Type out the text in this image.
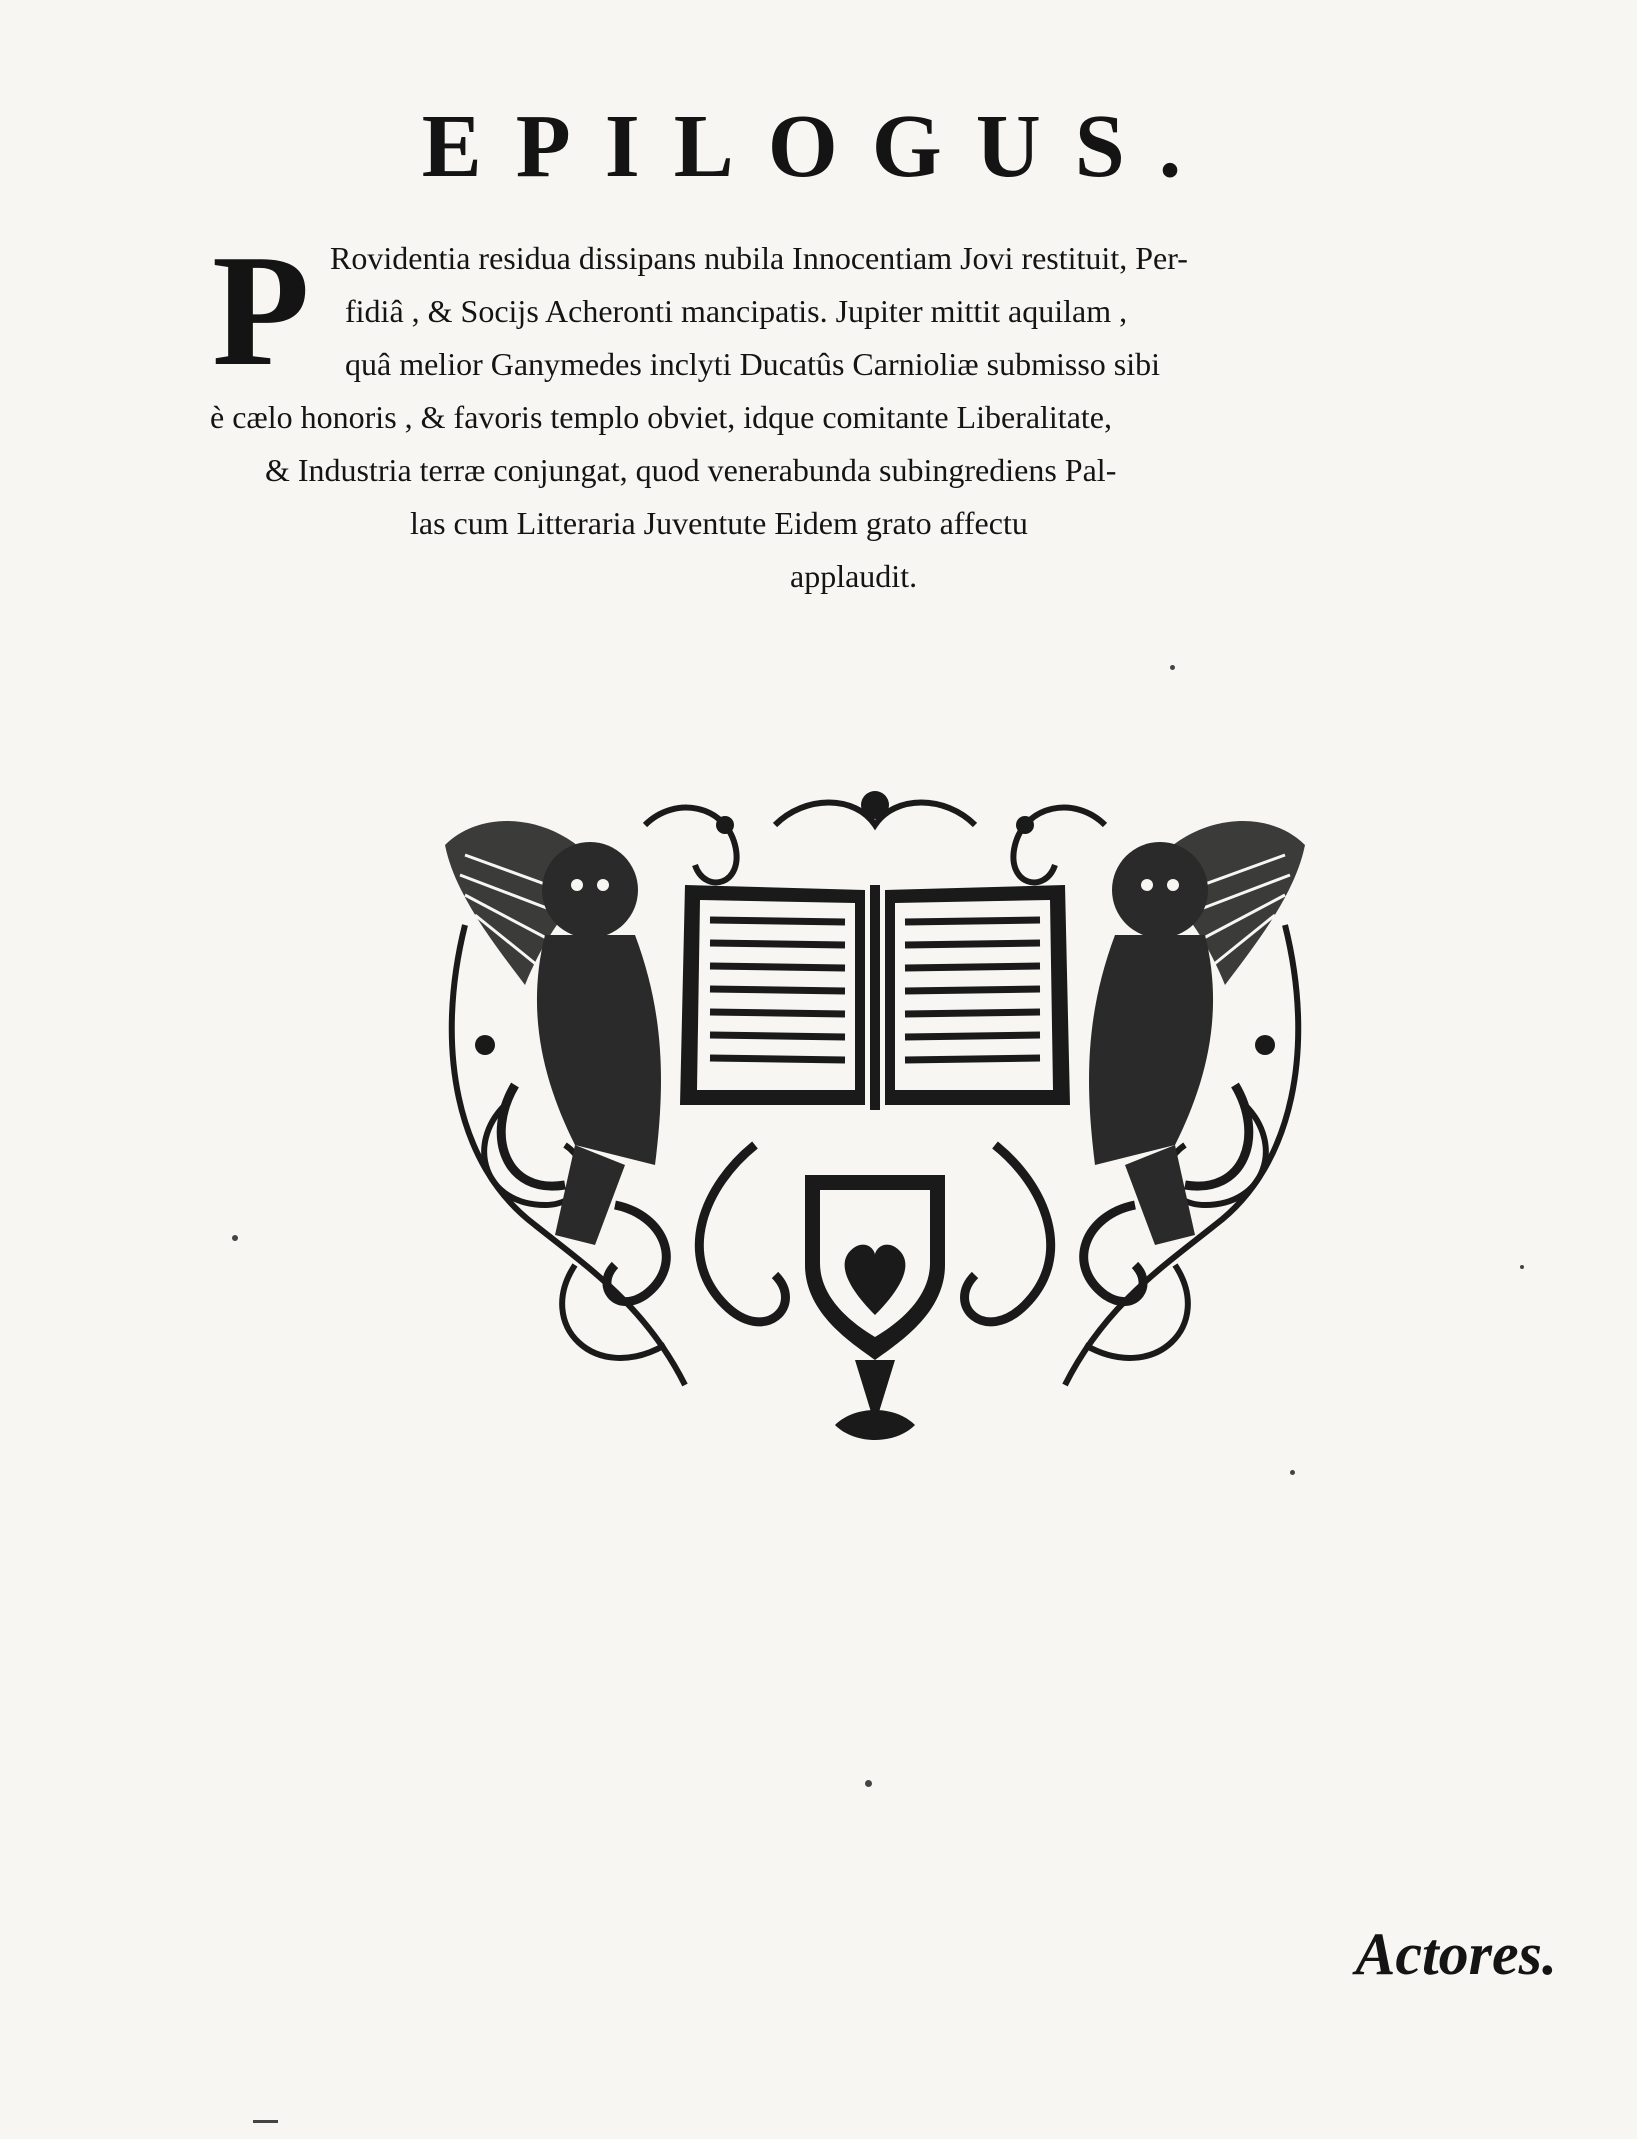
EPILOGUS.
P Rovidentia residua dissipans nubila Innocentiam Jovi restituit, Per-
fidiâ , & Socijs Acheronti mancipatis. Jupiter mittit aquilam ,
quâ melior Ganymedes inclyti Ducatûs Carnioliæ submisso sibi
è cælo honoris , & favoris templo obviet, idque comitante Liberalitate,
& Industria terræ conjungat, quod venerabunda subingrediens Pal-
las cum Litteraria Juventute Eidem grato affectu
applaudit.
Actores.
